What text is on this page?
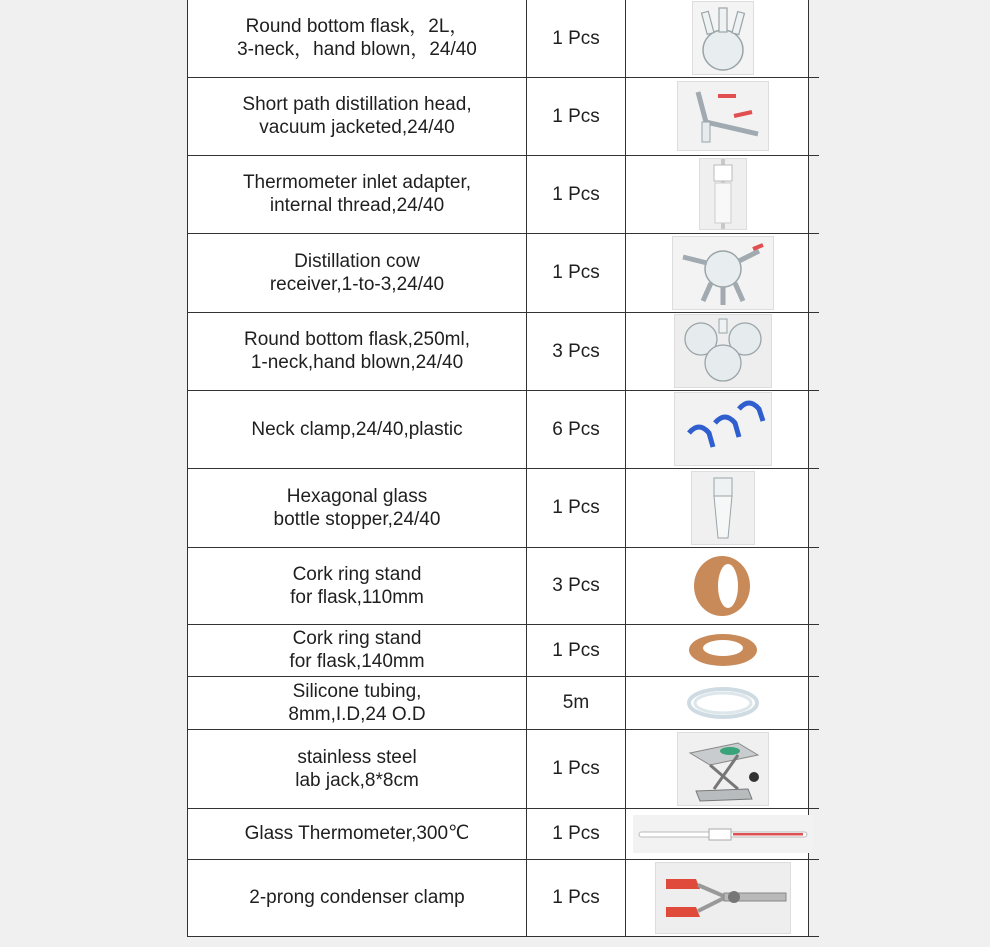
Round bottom flask，2L，
3-neck，hand blown，24/40	1 Pcs	

Short path distillation head,
vacuum jacketed,24/40	1 Pcs	

Thermometer inlet adapter,
internal thread,24/40	1 Pcs	

Distillation cow
receiver,1-to-3,24/40	1 Pcs	

Round bottom flask,250ml,
1-neck,hand blown,24/40	3 Pcs	

Neck clamp,24/40,plastic	6 Pcs	

Hexagonal glass
bottle stopper,24/40	1 Pcs	

Cork ring stand
for flask,110mm	3 Pcs	

Cork ring stand
for flask,140mm	1 Pcs	

Silicone tubing,
8mm,I.D,24 O.D	5m	

stainless steel
lab jack,8*8cm	1 Pcs	

Glass Thermometer,300℃	1 Pcs	

2-prong condenser clamp	1 Pcs	
